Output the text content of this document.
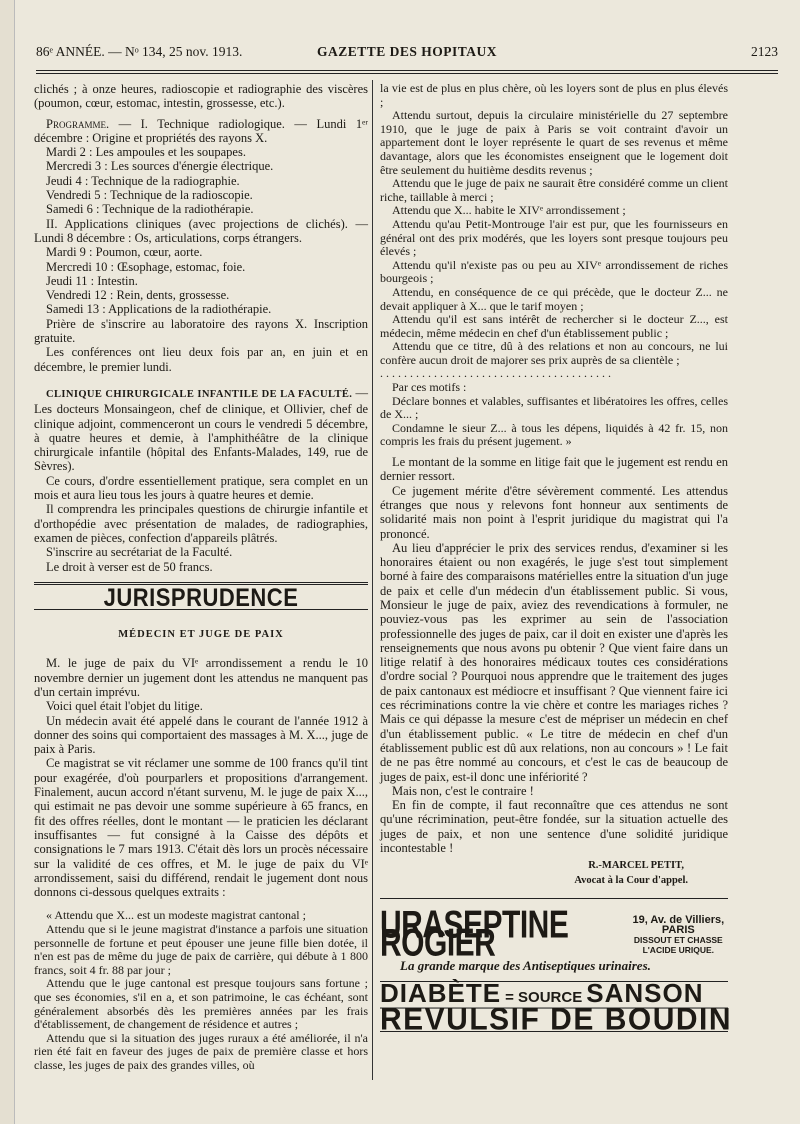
86ᵉ ANNÉE. — Nᵒ 134, 25 nov. 1913.	GAZETTE DES HOPITAUX	2123

clichés ; à onze heures, radioscopie et radiographie des viscères (poumon, cœur, estomac, intestin, grossesse, etc.).

Programme. — I. Technique radiologique. — Lundi 1ᵉʳ décembre : Origine et propriétés des rayons X.

Mardi 2 : Les ampoules et les soupapes.
Mercredi 3 : Les sources d'énergie électrique.
Jeudi 4 : Technique de la radiographie.
Vendredi 5 : Technique de la radioscopie.
Samedi 6 : Technique de la radiothérapie.

II. Applications cliniques (avec projections de clichés). — Lundi 8 décembre : Os, articulations, corps étrangers.

Mardi 9 : Poumon, cœur, aorte.
Mercredi 10 : Œsophage, estomac, foie.
Jeudi 11 : Intestin.
Vendredi 12 : Rein, dents, grossesse.
Samedi 13 : Applications de la radiothérapie.

Prière de s'inscrire au laboratoire des rayons X. Inscription gratuite.

Les conférences ont lieu deux fois par an, en juin et en décembre, le premier lundi.

CLINIQUE CHIRURGICALE INFANTILE DE LA FACULTÉ. — Les docteurs Monsaingeon, chef de clinique, et Ollivier, chef de clinique adjoint, commenceront un cours le vendredi 5 décembre, à quatre heures et demie, à l'amphithéâtre de la clinique chirurgicale infantile (hôpital des Enfants-Malades, 149, rue de Sèvres).

Ce cours, d'ordre essentiellement pratique, sera complet en un mois et aura lieu tous les jours à quatre heures et demie.

Il comprendra les principales questions de chirurgie infantile et d'orthopédie avec présentation de malades, de radiographies, examen de pièces, confection d'appareils plâtrés.

S'inscrire au secrétariat de la Faculté.

Le droit à verser est de 50 francs.

JURISPRUDENCE
MÉDECIN ET JUGE DE PAIX

M. le juge de paix du VIᵉ arrondissement a rendu le 10 novembre dernier un jugement dont les attendus ne manquent pas d'un certain imprévu.

Voici quel était l'objet du litige.

Un médecin avait été appelé dans le courant de l'année 1912 à donner des soins qui comportaient des massages à M. X..., juge de paix à Paris.

Ce magistrat se vit réclamer une somme de 100 francs qu'il tint pour exagérée, d'où pourparlers et propositions d'arrangement. Finalement, aucun accord n'étant survenu, M. le juge de paix X..., qui estimait ne pas devoir une somme supérieure à 65 francs, en fit des offres réelles, dont le montant — le praticien les déclarant insuffisantes — fut consigné à la Caisse des dépôts et consignations le 7 mars 1913. C'était dès lors un procès nécessaire sur la validité de ces offres, et M. le juge de paix du VIᵉ arrondissement, saisi du différend, rendait le jugement dont nous donnons ci-dessous quelques extraits :

« Attendu que X... est un modeste magistrat cantonal ;

Attendu que si le jeune magistrat d'instance a parfois une situation personnelle de fortune et peut épouser une jeune fille bien dotée, il n'en est pas de même du juge de paix de carrière, qui débute à 1 800 francs, soit 4 fr. 88 par jour ;

Attendu que le juge cantonal est presque toujours sans fortune ; que ses économies, s'il en a, et son patrimoine, le cas échéant, sont généralement absorbés dès les premières années par les frais d'établissement, de changement de résidence et autres ;

Attendu que si la situation des juges ruraux a été améliorée, il n'a rien été fait en faveur des juges de paix de première classe et hors classe, les juges de paix des grandes villes, où

la vie est de plus en plus chère, où les loyers sont de plus en plus élevés ;

Attendu surtout, depuis la circulaire ministérielle du 27 septembre 1910, que le juge de paix à Paris se voit contraint d'avoir un appartement dont le loyer représente le quart de ses revenus et même davantage, alors que les économistes enseignent que le logement doit être seulement du huitième desdits revenus ;

Attendu que le juge de paix ne saurait être considéré comme un client riche, taillable à merci ;

Attendu que X... habite le XIVᵉ arrondissement ;

Attendu qu'au Petit-Montrouge l'air est pur, que les fournisseurs en général ont des prix modérés, que les loyers sont presque toujours peu élevés ;

Attendu qu'il n'existe pas ou peu au XIVᵉ arrondissement de riches bourgeois ;

Attendu, en conséquence de ce qui précède, que le docteur Z... ne devait appliquer à X... que le tarif moyen ;

Attendu qu'il est sans intérêt de rechercher si le docteur Z..., est médecin, même médecin en chef d'un établissement public ;

Attendu que ce titre, dû à des relations et non au concours, ne lui confère aucun droit de majorer ses prix auprès de sa clientèle ;

. . . . . . . . . . . . . . . . . . . . . . . . . . . . . . . . . . . . . . .

Par ces motifs :

Déclare bonnes et valables, suffisantes et libératoires les offres, celles de X... ;

Condamne le sieur Z... à tous les dépens, liquidés à 42 fr. 15, non compris les frais du présent jugement. »

Le montant de la somme en litige fait que le jugement est rendu en dernier ressort.

Ce jugement mérite d'être sévèrement commenté. Les attendus étranges que nous y relevons font honneur aux sentiments de solidarité mais non point à l'esprit juridique du magistrat qui l'a prononcé.

Au lieu d'apprécier le prix des services rendus, d'examiner si les honoraires étaient ou non exagérés, le juge s'est tout simplement borné à faire des comparaisons matérielles entre la situation d'un juge de paix et celle d'un médecin d'un établissement public. Si vous, Monsieur le juge de paix, aviez des revendications à formuler, ne pouviez-vous pas les exprimer au sein de l'association professionnelle des juges de paix, car il doit en exister une d'après les renseignements que nous avons pu obtenir ? Que vient faire dans un litige relatif à des honoraires médicaux toutes ces considérations d'ordre social ? Pourquoi nous apprendre que le traitement des juges de paix cantonaux est médiocre et insuffisant ? Que viennent faire ici ces récriminations contre la vie chère et contre les mariages riches ? Mais ce qui dépasse la mesure c'est de mépriser un médecin en chef d'un établissement public. « Le titre de médecin en chef d'un établissement public est dû aux relations, non au concours » ! Le fait de ne pas être nommé au concours, et c'est le cas de beaucoup de juges de paix, est-il donc une infériorité ?

Mais non, c'est le contraire !

En fin de compte, il faut reconnaître que ces attendus ne sont qu'une récrimination, peut-être fondée, sur la situation actuelle des juges de paix, et non une sentence d'une solidité juridique incontestable !

R.-MARCEL PETIT,
Avocat à la Cour d'appel.
URASEPTINE ROGIER
19, Av. de Villiers, PARIS
DISSOUT ET CHASSE
L'ACIDE URIQUE.
La grande marque des Antiseptiques urinaires.
DIABÈTE = SOURCE SANSON
REVULSIF DE BOUDIN
